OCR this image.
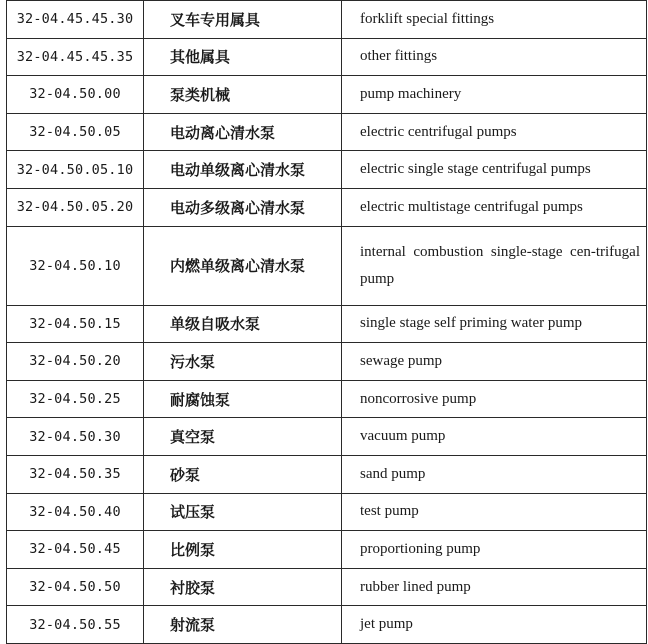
32-04.45.45.30	叉车专用属具	forklift special fittings
32-04.45.45.35	其他属具	other fittings
32-04.50.00	泵类机械	pump machinery
32-04.50.05	电动离心清水泵	electric centrifugal pumps
32-04.50.05.10	电动单级离心清水泵	electric single stage centrifugal pumps
32-04.50.05.20	电动多级离心清水泵	electric multistage centrifugal pumps
32-04.50.10	内燃单级离心清水泵	internal combustion single-stage cen-trifugal pump
32-04.50.15	单级自吸水泵	single stage self priming water pump
32-04.50.20	污水泵	sewage pump
32-04.50.25	耐腐蚀泵	noncorrosive pump
32-04.50.30	真空泵	vacuum pump
32-04.50.35	砂泵	sand pump
32-04.50.40	试压泵	test pump
32-04.50.45	比例泵	proportioning pump
32-04.50.50	衬胶泵	rubber lined pump
32-04.50.55	射流泵	jet pump
